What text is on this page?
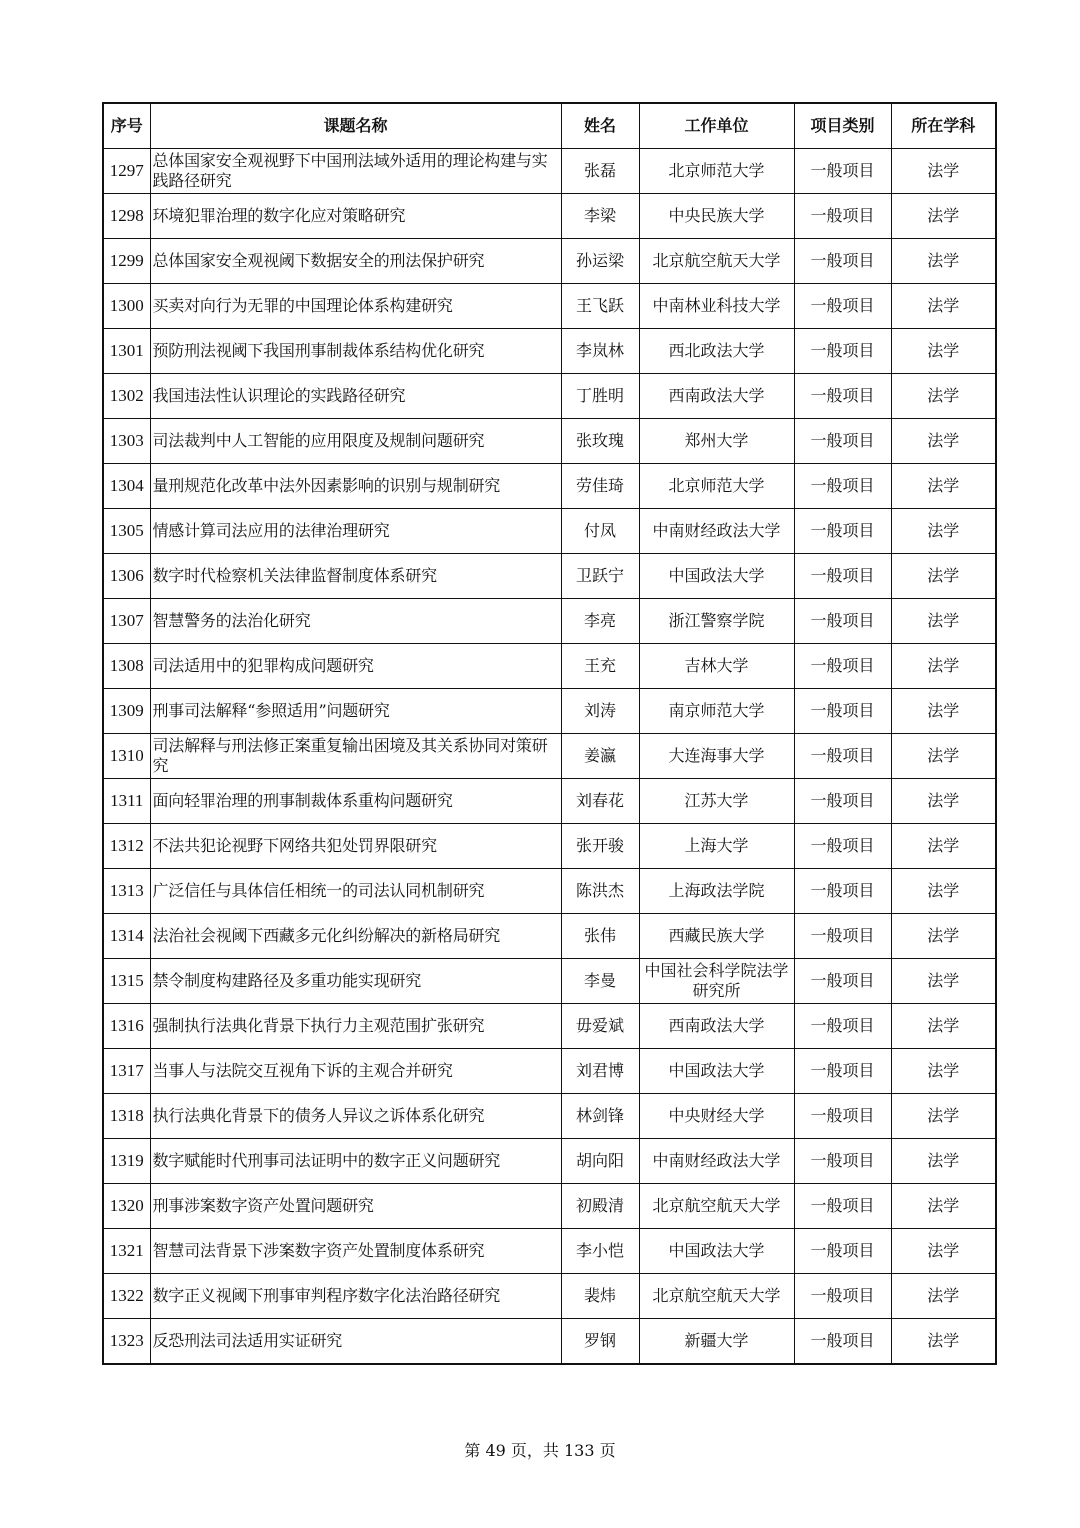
序号	课题名称	姓名	工作单位	项目类别	所在学科
1297	总体国家安全观视野下中国刑法域外适用的理论构建与实践路径研究	张磊	北京师范大学	一般项目	法学
1298	环境犯罪治理的数字化应对策略研究	李梁	中央民族大学	一般项目	法学
1299	总体国家安全观视阈下数据安全的刑法保护研究	孙运梁	北京航空航天大学	一般项目	法学
1300	买卖对向行为无罪的中国理论体系构建研究	王飞跃	中南林业科技大学	一般项目	法学
1301	预防刑法视阈下我国刑事制裁体系结构优化研究	李岚林	西北政法大学	一般项目	法学
1302	我国违法性认识理论的实践路径研究	丁胜明	西南政法大学	一般项目	法学
1303	司法裁判中人工智能的应用限度及规制问题研究	张玫瑰	郑州大学	一般项目	法学
1304	量刑规范化改革中法外因素影响的识别与规制研究	劳佳琦	北京师范大学	一般项目	法学
1305	情感计算司法应用的法律治理研究	付凤	中南财经政法大学	一般项目	法学
1306	数字时代检察机关法律监督制度体系研究	卫跃宁	中国政法大学	一般项目	法学
1307	智慧警务的法治化研究	李亮	浙江警察学院	一般项目	法学
1308	司法适用中的犯罪构成问题研究	王充	吉林大学	一般项目	法学
1309	刑事司法解释“参照适用”问题研究	刘涛	南京师范大学	一般项目	法学
1310	司法解释与刑法修正案重复输出困境及其关系协同对策研究	姜瀛	大连海事大学	一般项目	法学
1311	面向轻罪治理的刑事制裁体系重构问题研究	刘春花	江苏大学	一般项目	法学
1312	不法共犯论视野下网络共犯处罚界限研究	张开骏	上海大学	一般项目	法学
1313	广泛信任与具体信任相统一的司法认同机制研究	陈洪杰	上海政法学院	一般项目	法学
1314	法治社会视阈下西藏多元化纠纷解决的新格局研究	张伟	西藏民族大学	一般项目	法学
1315	禁令制度构建路径及多重功能实现研究	李曼	中国社会科学院法学研究所	一般项目	法学
1316	强制执行法典化背景下执行力主观范围扩张研究	毋爱斌	西南政法大学	一般项目	法学
1317	当事人与法院交互视角下诉的主观合并研究	刘君博	中国政法大学	一般项目	法学
1318	执行法典化背景下的债务人异议之诉体系化研究	林剑锋	中央财经大学	一般项目	法学
1319	数字赋能时代刑事司法证明中的数字正义问题研究	胡向阳	中南财经政法大学	一般项目	法学
1320	刑事涉案数字资产处置问题研究	初殿清	北京航空航天大学	一般项目	法学
1321	智慧司法背景下涉案数字资产处置制度体系研究	李小恺	中国政法大学	一般项目	法学
1322	数字正义视阈下刑事审判程序数字化法治路径研究	裴炜	北京航空航天大学	一般项目	法学
1323	反恐刑法司法适用实证研究	罗钢	新疆大学	一般项目	法学
第 49 页，共 133 页
